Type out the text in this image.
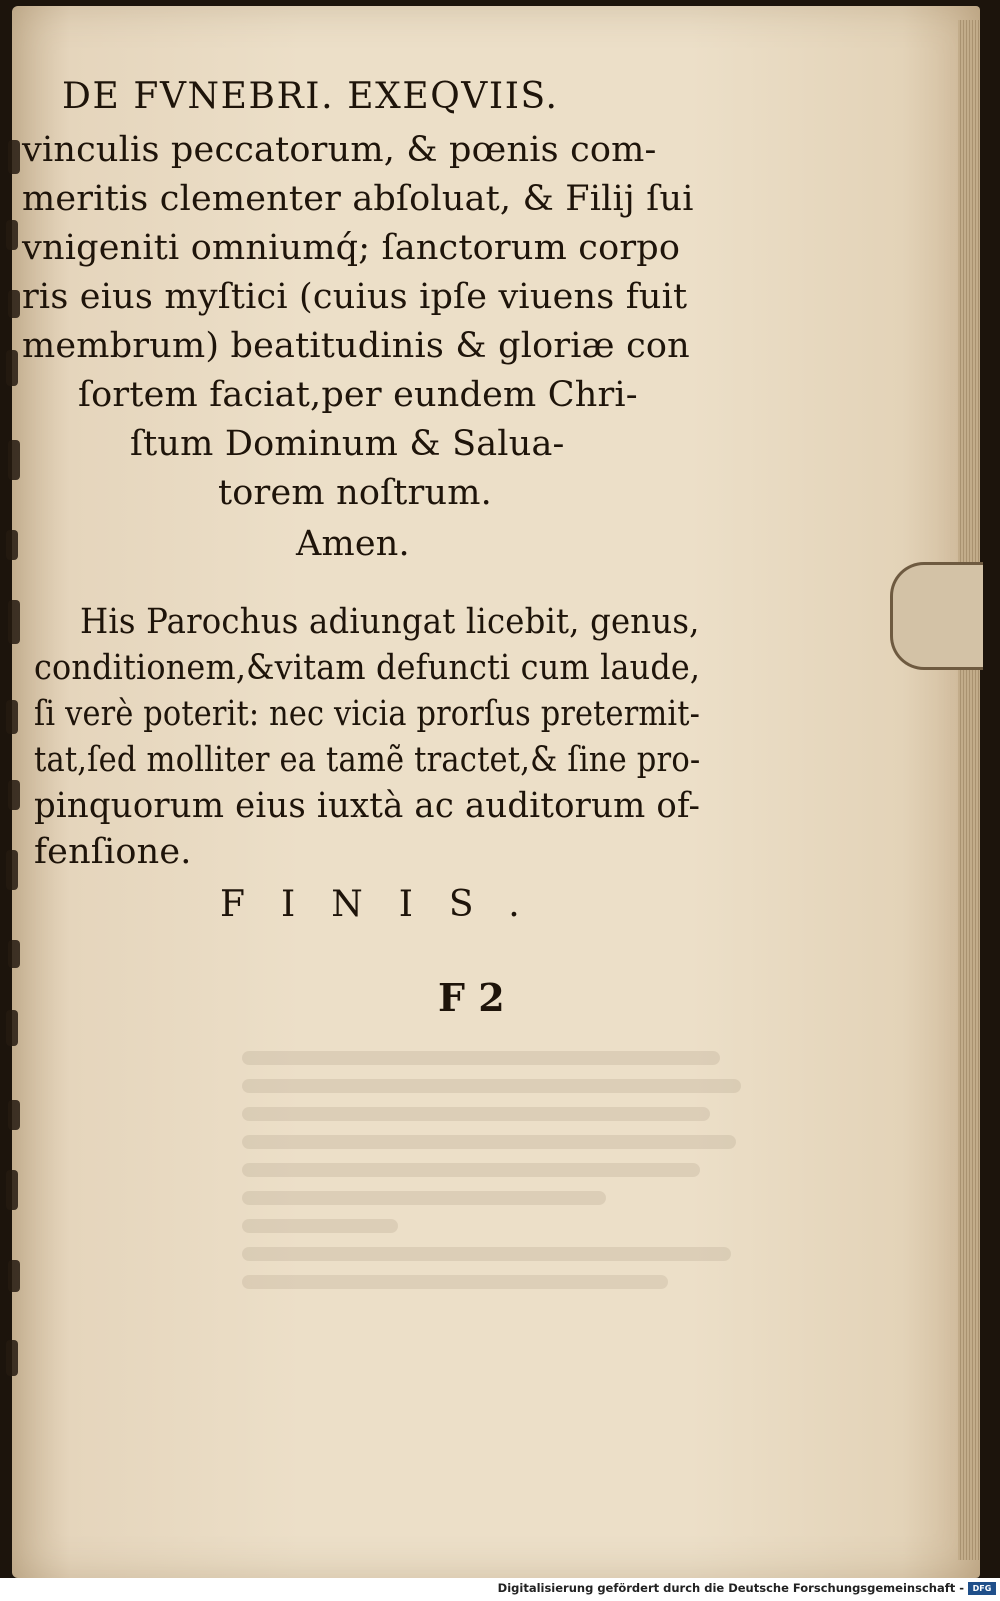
DE FVNEBRI. EXEQVIIS.
vinculis peccatorum, & pœnis com-
meritis clementer abſoluat, & Filij ſui
vnigeniti omniumq́; ſanctorum corpo
ris eius myſtici (cuius ipſe viuens fuit
membrum) beatitudinis & gloriæ con
ſortem faciat,per eundem Chri-
ſtum Dominum & Salua-
torem noſtrum.
Amen.
His Parochus adiungat licebit, genus,
conditionem,&vitam defuncti cum laude,
ſi verè poterit: nec vicia prorſus pretermit-
tat,ſed molliter ea tamẽ tractet,& ſine pro-
pinquorum eius iuxtà ac auditorum of-
fenſione.
FINIS.
F 2
Digitalisierung gefördert durch die Deutsche Forschungsgemeinschaft -	DFG
